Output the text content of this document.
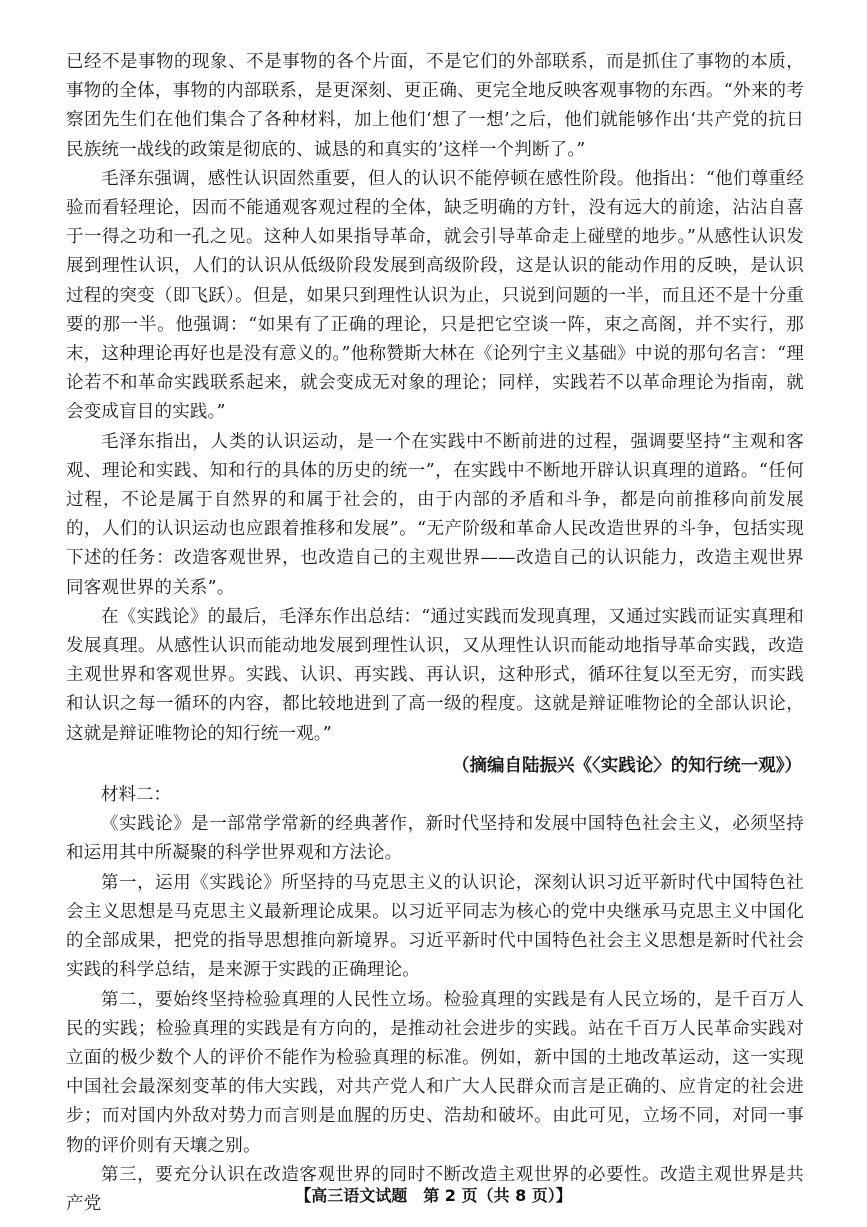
已经不是事物的现象、不是事物的各个片面，不是它们的外部联系，而是抓住了事物的本质，事物的全体，事物的内部联系，是更深刻、更正确、更完全地反映客观事物的东西。“外来的考察团先生们在他们集合了各种材料，加上他们‘想了一想’之后，他们就能够作出‘共产党的抗日民族统一战线的政策是彻底的、诚恳的和真实的’这样一个判断了。”

毛泽东强调，感性认识固然重要，但人的认识不能停顿在感性阶段。他指出：“他们尊重经验而看轻理论，因而不能通观客观过程的全体，缺乏明确的方针，没有远大的前途，沾沾自喜于一得之功和一孔之见。这种人如果指导革命，就会引导革命走上碰壁的地步。”从感性认识发展到理性认识，人们的认识从低级阶段发展到高级阶段，这是认识的能动作用的反映，是认识过程的突变（即飞跃）。但是，如果只到理性认识为止，只说到问题的一半，而且还不是十分重要的那一半。他强调：“如果有了正确的理论，只是把它空谈一阵，束之高阁，并不实行，那末，这种理论再好也是没有意义的。”他称赞斯大林在《论列宁主义基础》中说的那句名言：“理论若不和革命实践联系起来，就会变成无对象的理论；同样，实践若不以革命理论为指南，就会变成盲目的实践。”

毛泽东指出，人类的认识运动，是一个在实践中不断前进的过程，强调要坚持“主观和客观、理论和实践、知和行的具体的历史的统一”，在实践中不断地开辟认识真理的道路。“任何过程，不论是属于自然界的和属于社会的，由于内部的矛盾和斗争，都是向前推移向前发展的，人们的认识运动也应跟着推移和发展”。“无产阶级和革命人民改造世界的斗争，包括实现下述的任务：改造客观世界，也改造自己的主观世界——改造自己的认识能力，改造主观世界同客观世界的关系”。

在《实践论》的最后，毛泽东作出总结：“通过实践而发现真理，又通过实践而证实真理和发展真理。从感性认识而能动地发展到理性认识，又从理性认识而能动地指导革命实践，改造主观世界和客观世界。实践、认识、再实践、再认识，这种形式，循环往复以至无穷，而实践和认识之每一循环的内容，都比较地进到了高一级的程度。这就是辩证唯物论的全部认识论，这就是辩证唯物论的知行统一观。”

（摘编自陆振兴《〈实践论〉的知行统一观》）

材料二：

《实践论》是一部常学常新的经典著作，新时代坚持和发展中国特色社会主义，必须坚持和运用其中所凝聚的科学世界观和方法论。

第一，运用《实践论》所坚持的马克思主义的认识论，深刻认识习近平新时代中国特色社会主义思想是马克思主义最新理论成果。以习近平同志为核心的党中央继承马克思主义中国化的全部成果，把党的指导思想推向新境界。习近平新时代中国特色社会主义思想是新时代社会实践的科学总结，是来源于实践的正确理论。

第二，要始终坚持检验真理的人民性立场。检验真理的实践是有人民立场的，是千百万人民的实践；检验真理的实践是有方向的，是推动社会进步的实践。站在千百万人民革命实践对立面的极少数个人的评价不能作为检验真理的标准。例如，新中国的土地改革运动，这一实现中国社会最深刻变革的伟大实践，对共产党人和广大人民群众而言是正确的、应肯定的社会进步；而对国内外敌对势力而言则是血腥的历史、浩劫和破坏。由此可见，立场不同，对同一事物的评价则有天壤之别。

第三，要充分认识在改造客观世界的同时不断改造主观世界的必要性。改造主观世界是共产党	【高三语文试题　第 2 页（共 8 页）】
